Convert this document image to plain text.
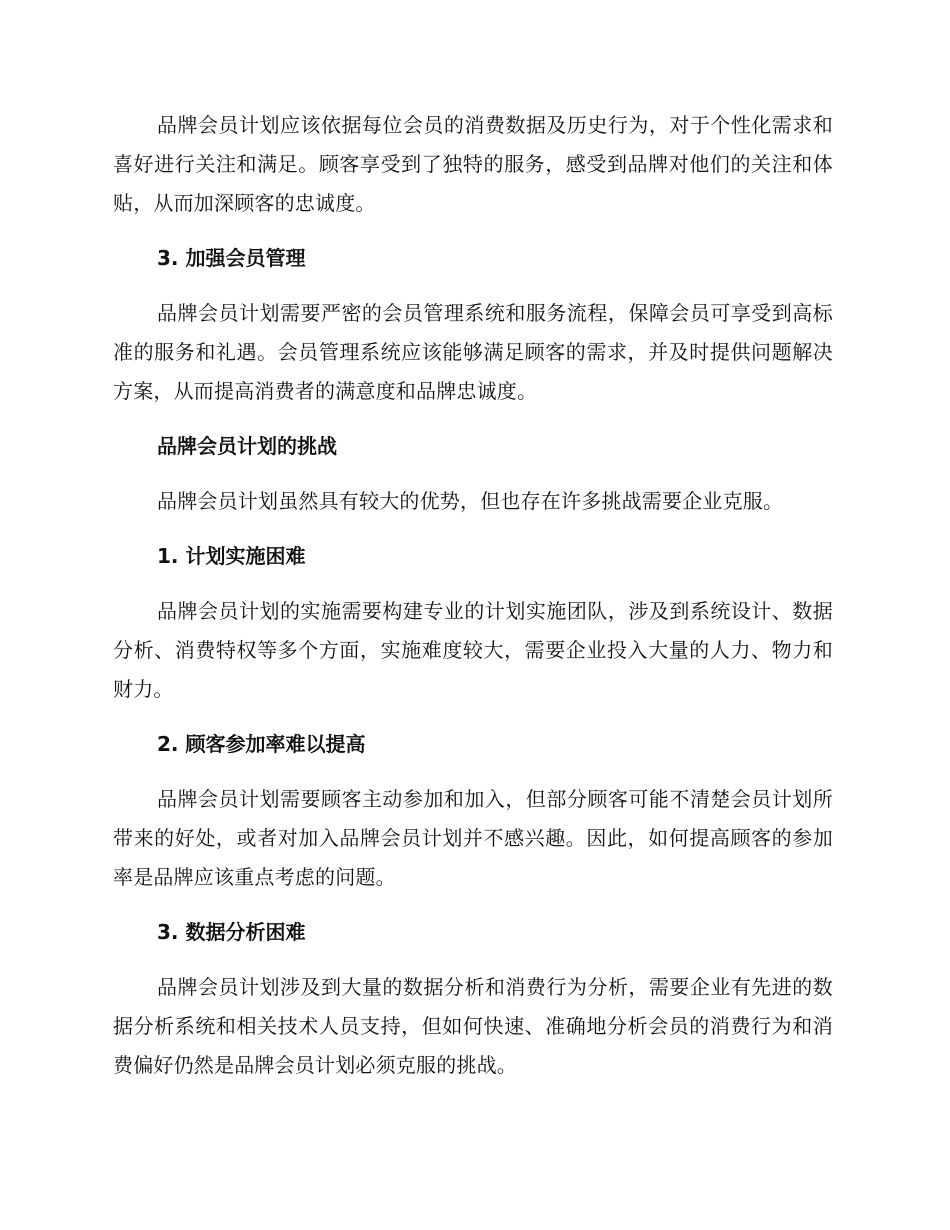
品牌会员计划应该依据每位会员的消费数据及历史行为，对于个性化需求和喜好进行关注和满足。顾客享受到了独特的服务，感受到品牌对他们的关注和体贴，从而加深顾客的忠诚度。

3. 加强会员管理

品牌会员计划需要严密的会员管理系统和服务流程，保障会员可享受到高标准的服务和礼遇。会员管理系统应该能够满足顾客的需求，并及时提供问题解决方案，从而提高消费者的满意度和品牌忠诚度。

品牌会员计划的挑战

品牌会员计划虽然具有较大的优势，但也存在许多挑战需要企业克服。

1. 计划实施困难

品牌会员计划的实施需要构建专业的计划实施团队，涉及到系统设计、数据分析、消费特权等多个方面，实施难度较大，需要企业投入大量的人力、物力和财力。

2. 顾客参加率难以提高

品牌会员计划需要顾客主动参加和加入，但部分顾客可能不清楚会员计划所带来的好处，或者对加入品牌会员计划并不感兴趣。因此，如何提高顾客的参加率是品牌应该重点考虑的问题。

3. 数据分析困难

品牌会员计划涉及到大量的数据分析和消费行为分析，需要企业有先进的数据分析系统和相关技术人员支持，但如何快速、准确地分析会员的消费行为和消费偏好仍然是品牌会员计划必须克服的挑战。
